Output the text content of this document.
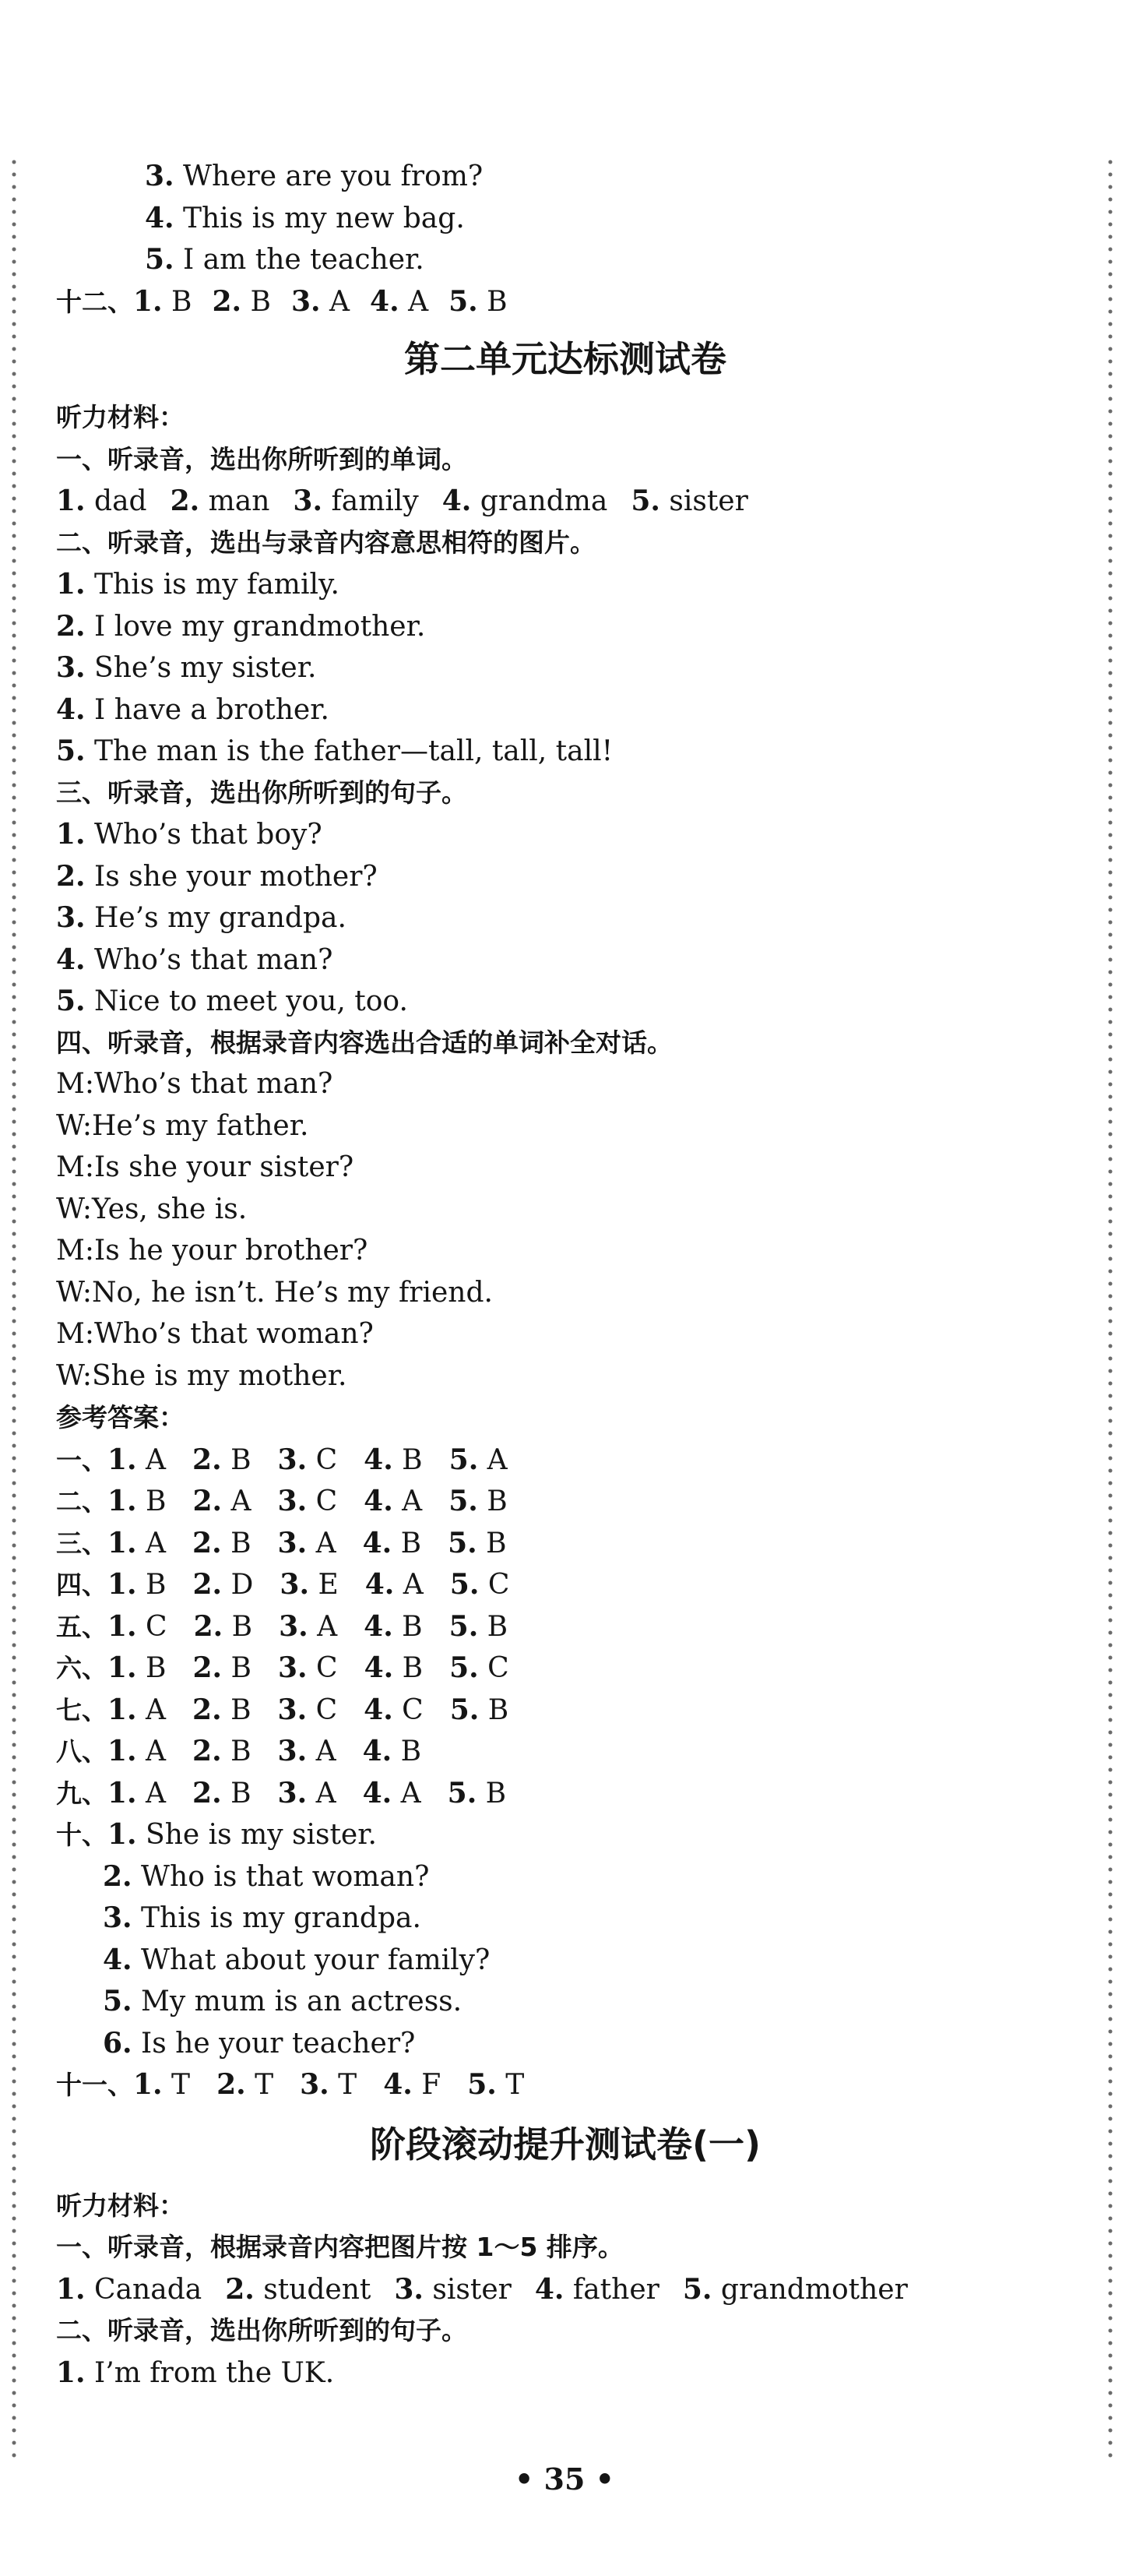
3. Where are you from?
4. This is my new bag.
5. I am the teacher.
十二、1. B 2. B 3. A 4. A 5. B
第二单元达标测试卷
听力材料：
一、听录音，选出你所听到的单词。
1. dad 2. man 3. family 4. grandma 5. sister
二、听录音，选出与录音内容意思相符的图片。
1. This is my family.
2. I love my grandmother.
3. She’s my sister.
4. I have a brother.
5. The man is the father—tall, tall, tall!
三、听录音，选出你所听到的句子。
1. Who’s that boy?
2. Is she your mother?
3. He’s my grandpa.
4. Who’s that man?
5. Nice to meet you, too.
四、听录音，根据录音内容选出合适的单词补全对话。
M:Who’s that man?
W:He’s my father.
M:Is she your sister?
W:Yes, she is.
M:Is he your brother?
W:No, he isn’t. He’s my friend.
M:Who’s that woman?
W:She is my mother.
参考答案：
一、1. A 2. B 3. C 4. B 5. A
二、1. B 2. A 3. C 4. A 5. B
三、1. A 2. B 3. A 4. B 5. B
四、1. B 2. D 3. E 4. A 5. C
五、1. C 2. B 3. A 4. B 5. B
六、1. B 2. B 3. C 4. B 5. C
七、1. A 2. B 3. C 4. C 5. B
八、1. A 2. B 3. A 4. B
九、1. A 2. B 3. A 4. A 5. B
十、1. She is my sister.
2. Who is that woman?
3. This is my grandpa.
4. What about your family?
5. My mum is an actress.
6. Is he your teacher?
十一、1. T 2. T 3. T 4. F 5. T
阶段滚动提升测试卷(一)
听力材料：
一、听录音，根据录音内容把图片按 1～5 排序。
1. Canada 2. student 3. sister 4. father 5. grandmother
二、听录音，选出你所听到的句子。
1. I’m from the UK.
• 35 •
